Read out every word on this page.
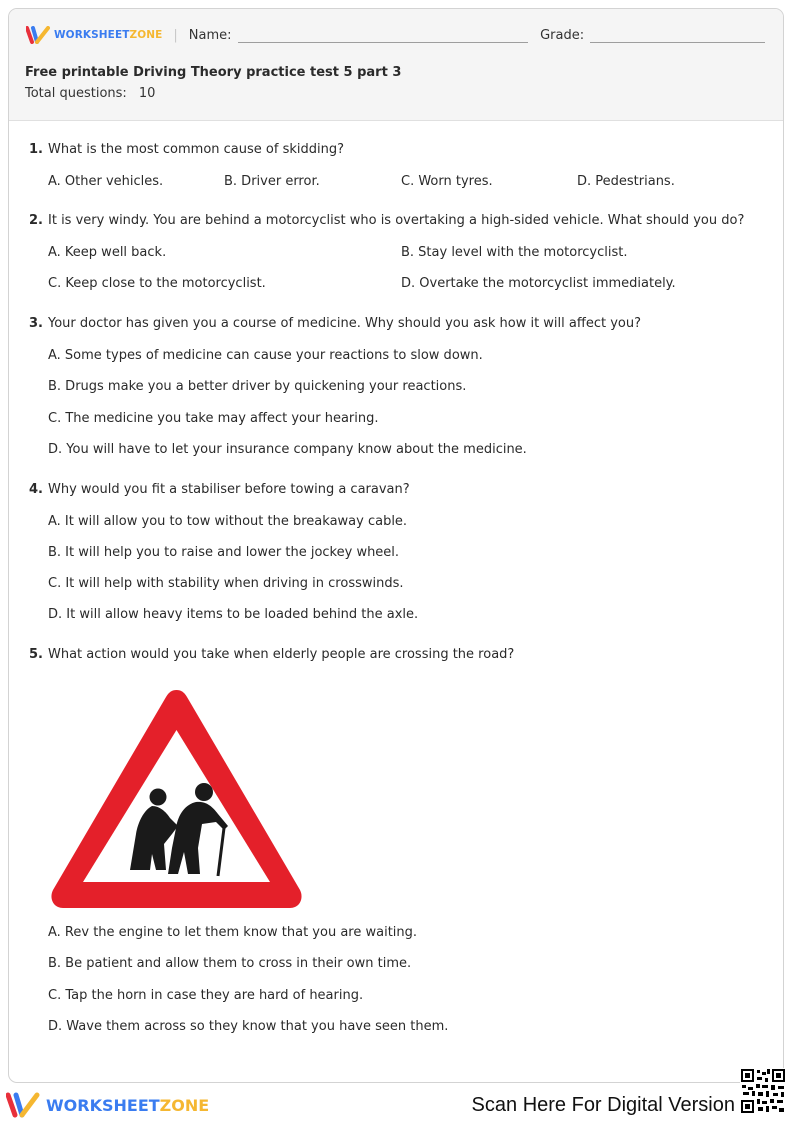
WORKSHEETZONE | Name:	Grade:
Free printable Driving Theory practice test 5 part 3
Total questions: 10
1. What is the most common cause of skidding?
A. Other vehicles.	B. Driver error.	C. Worn tyres.	D. Pedestrians.
2. It is very windy. You are behind a motorcyclist who is overtaking a high-sided vehicle. What should you do?
A. Keep well back.	B. Stay level with the motorcyclist.
C. Keep close to the motorcyclist.	D. Overtake the motorcyclist immediately.
3. Your doctor has given you a course of medicine. Why should you ask how it will affect you?
A. Some types of medicine can cause your reactions to slow down.
B. Drugs make you a better driver by quickening your reactions.
C. The medicine you take may affect your hearing.
D. You will have to let your insurance company know about the medicine.
4. Why would you fit a stabiliser before towing a caravan?
A. It will allow you to tow without the breakaway cable.
B. It will help you to raise and lower the jockey wheel.
C. It will help with stability when driving in crosswinds.
D. It will allow heavy items to be loaded behind the axle.
5. What action would you take when elderly people are crossing the road?
A. Rev the engine to let them know that you are waiting.
B. Be patient and allow them to cross in their own time.
C. Tap the horn in case they are hard of hearing.
D. Wave them across so they know that you have seen them.
WORKSHEETZONE	Scan Here For Digital Version
